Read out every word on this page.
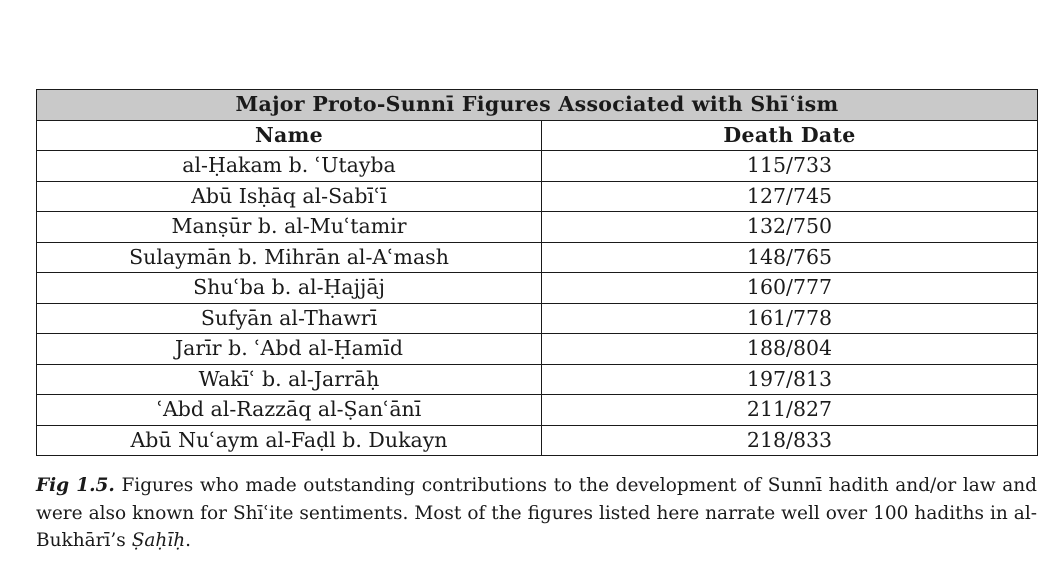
Major Proto-Sunnī Figures Associated with Shīʿism	
Name	Death Date
al-Ḥakam b. ʿUtayba	115/733
Abū Isḥāq al-Sabīʿī	127/745
Manṣūr b. al-Muʿtamir	132/750
Sulaymān b. Mihrān al-Aʿmash	148/765
Shuʿba b. al-Ḥajjāj	160/777
Sufyān al-Thawrī	161/778
Jarīr b. ʿAbd al-Ḥamīd	188/804
Wakīʿ b. al-Jarrāḥ	197/813
ʿAbd al-Razzāq al-Ṣanʿānī	211/827
Abū Nuʿaym al-Faḍl b. Dukayn	218/833

Fig 1.5. Figures who made outstanding contributions to the development of Sunnī hadith and/or law and were also known for Shīʿite sentiments. Most of the figures listed here narrate well over 100 hadiths in al-Bukhārī’s Ṣaḥīḥ.
